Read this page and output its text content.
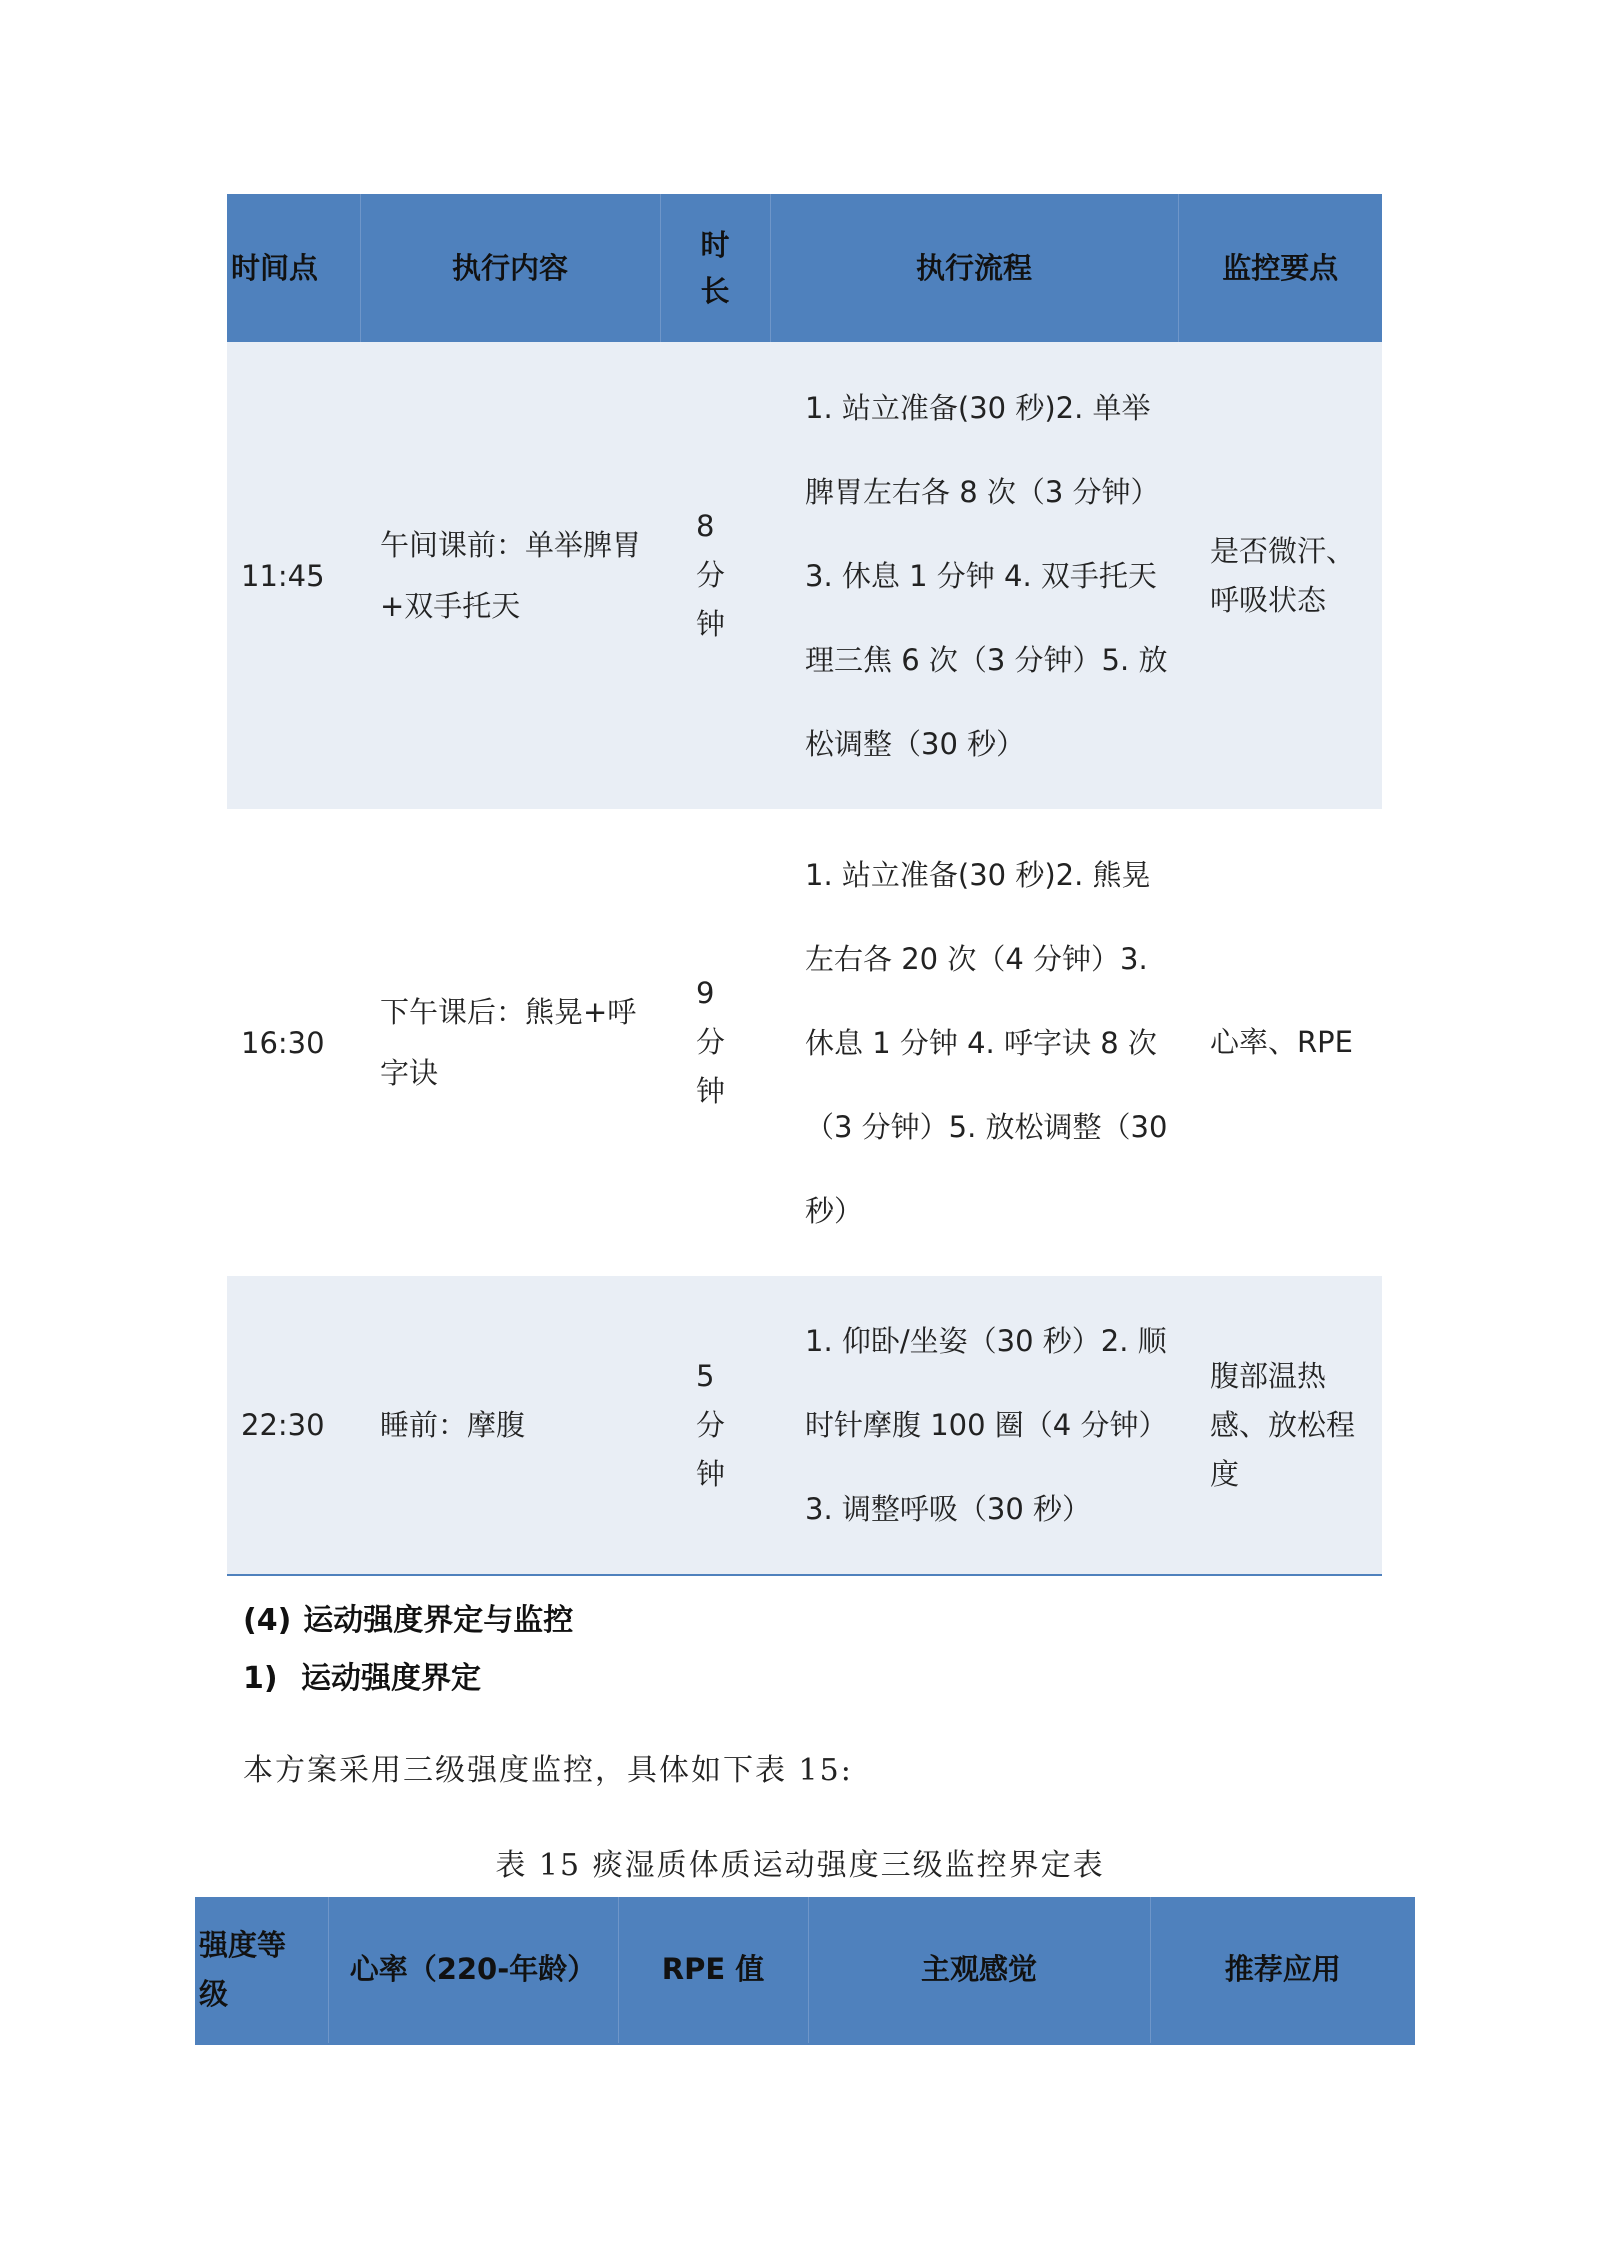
时间点	执行内容	时长	执行流程	监控要点
11:45	午间课前：单举脾胃+双手托天	8分钟	1. 站立准备(30 秒)2. 单举脾胃左右各 8 次（3 分钟）3. 休息 1 分钟 4. 双手托天理三焦 6 次（3 分钟）5. 放松调整（30 秒）	是否微汗、呼吸状态
16:30	下午课后：熊晃+呼字诀	9分钟	1. 站立准备(30 秒)2. 熊晃左右各 20 次（4 分钟）3. 休息 1 分钟 4. 呼字诀 8 次（3 分钟）5. 放松调整（30 秒）	心率、RPE
22:30	睡前：摩腹	5分钟	1. 仰卧/坐姿（30 秒）2. 顺时针摩腹 100 圈（4 分钟）3. 调整呼吸（30 秒）	腹部温热感、放松程度
(4) 运动强度界定与监控
1) 运动强度界定
本方案采用三级强度监控，具体如下表 15:
表 15 痰湿质体质运动强度三级监控界定表
强度等级	心率（220-年龄）	RPE 值	主观感觉	推荐应用
